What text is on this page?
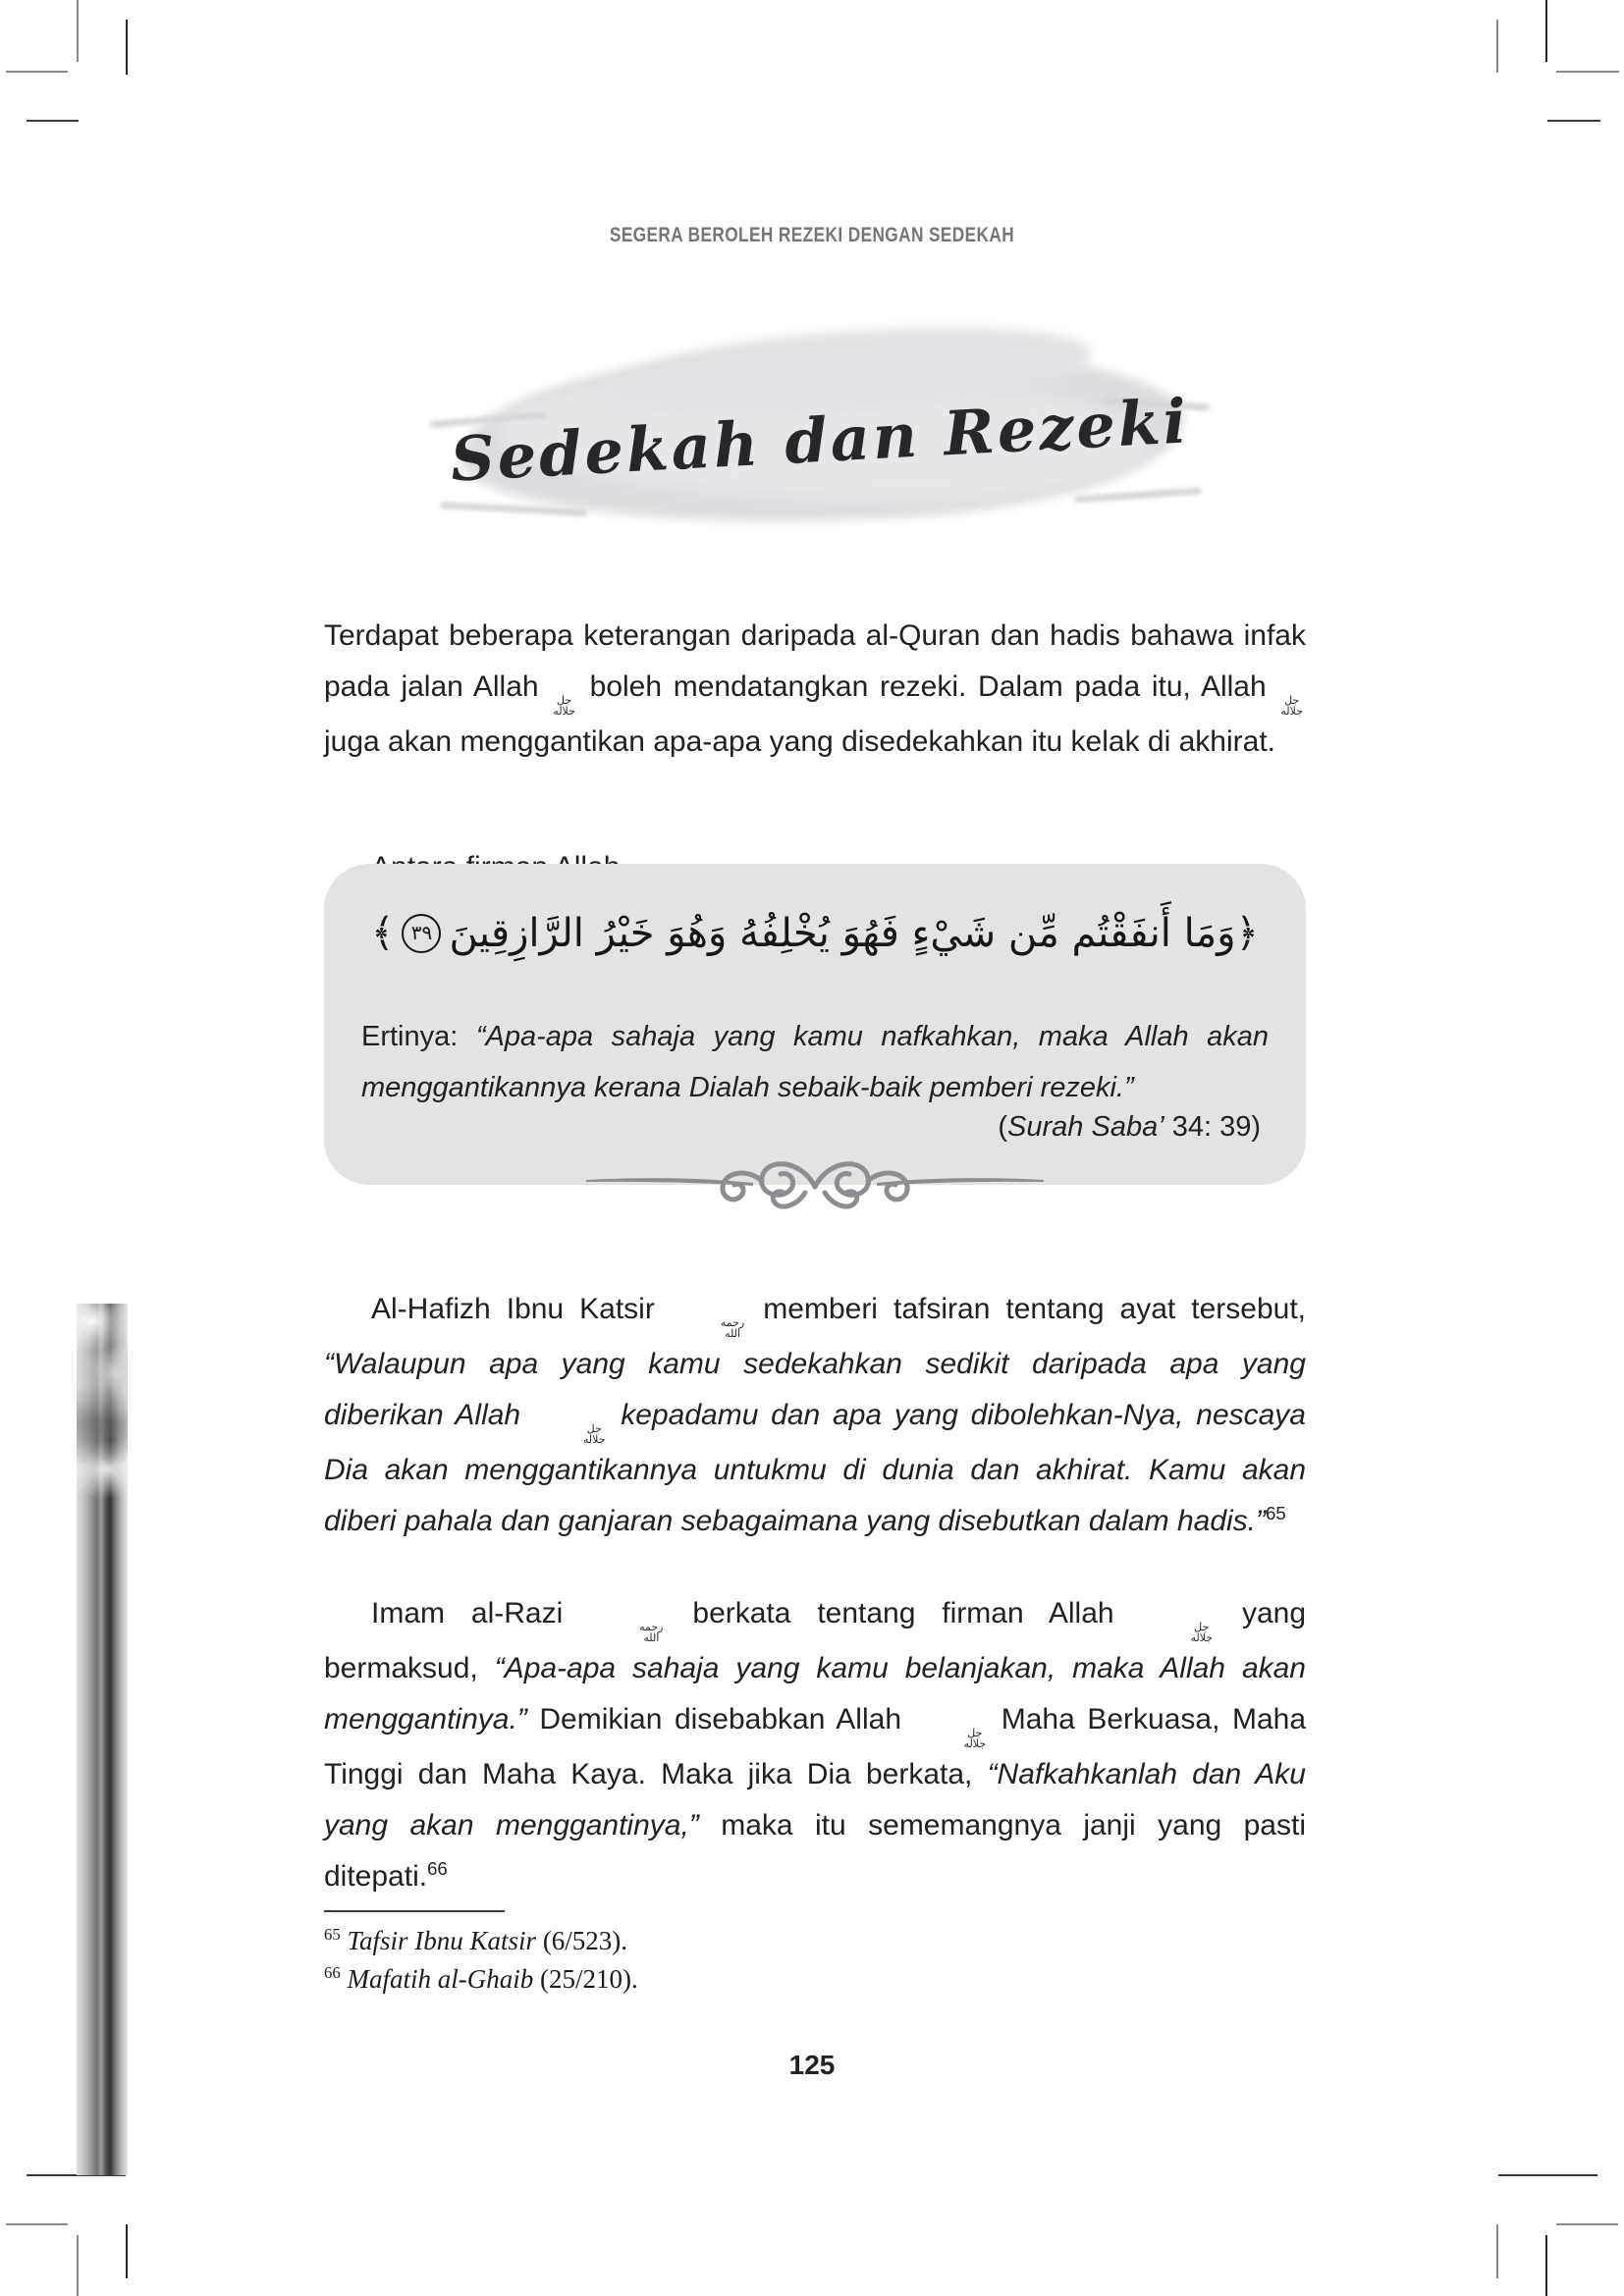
SEGERA BEROLEH REZEKI DENGAN SEDEKAH
Sedekah dan Rezeki

Terdapat beberapa keterangan daripada al-Quran dan hadis bahawa infak pada jalan Allah جل
جلاله
boleh mendatangkan rezeki. Dalam pada itu, Allah جل
جلاله
juga akan menggantikan apa-apa yang disedekahkan itu kelak di akhirat.

﴿وَمَا أَنفَقْتُم مِّن شَيْءٍ فَهُوَ يُخْلِفُهُ وَهُوَ خَيْرُ الرَّازِقِينَ
٣٩
﴾
Ertinya: “Apa-apa sahaja yang kamu nafkahkan, maka Allah akan menggantikannya kerana Dialah sebaik-baik pemberi rezeki.”
(Surah Saba’ 34: 39)

Al-Hafizh Ibnu Katsir	رحمه
الله
memberi tafsiran tentang ayat tersebut, “Walaupun apa yang kamu sedekahkan sedikit daripada apa yang diberikan Allah	جل
جلاله
kepadamu dan apa yang dibolehkan-Nya, nescaya Dia akan menggantikannya untukmu di dunia dan akhirat. Kamu akan diberi pahala dan ganjaran sebagaimana yang disebutkan dalam hadis.”$^{65}$

Imam al-Razi	رحمه
الله
berkata tentang firman Allah	جل
جلاله
yang bermaksud, “Apa-apa sahaja yang kamu belanjakan, maka Allah akan menggantinya.” Demikian disebabkan Allah	جل
جلاله
Maha Berkuasa, Maha Tinggi dan Maha Kaya. Maka jika Dia berkata, “Nafkahkanlah dan Aku yang akan menggantinya,” maka itu sememangnya janji yang pasti ditepati.$^{66}$

$^{65}$ Tafsir Ibnu Katsir (6/523).
$^{66}$ Mafatih al-Ghaib (25/210).
125
